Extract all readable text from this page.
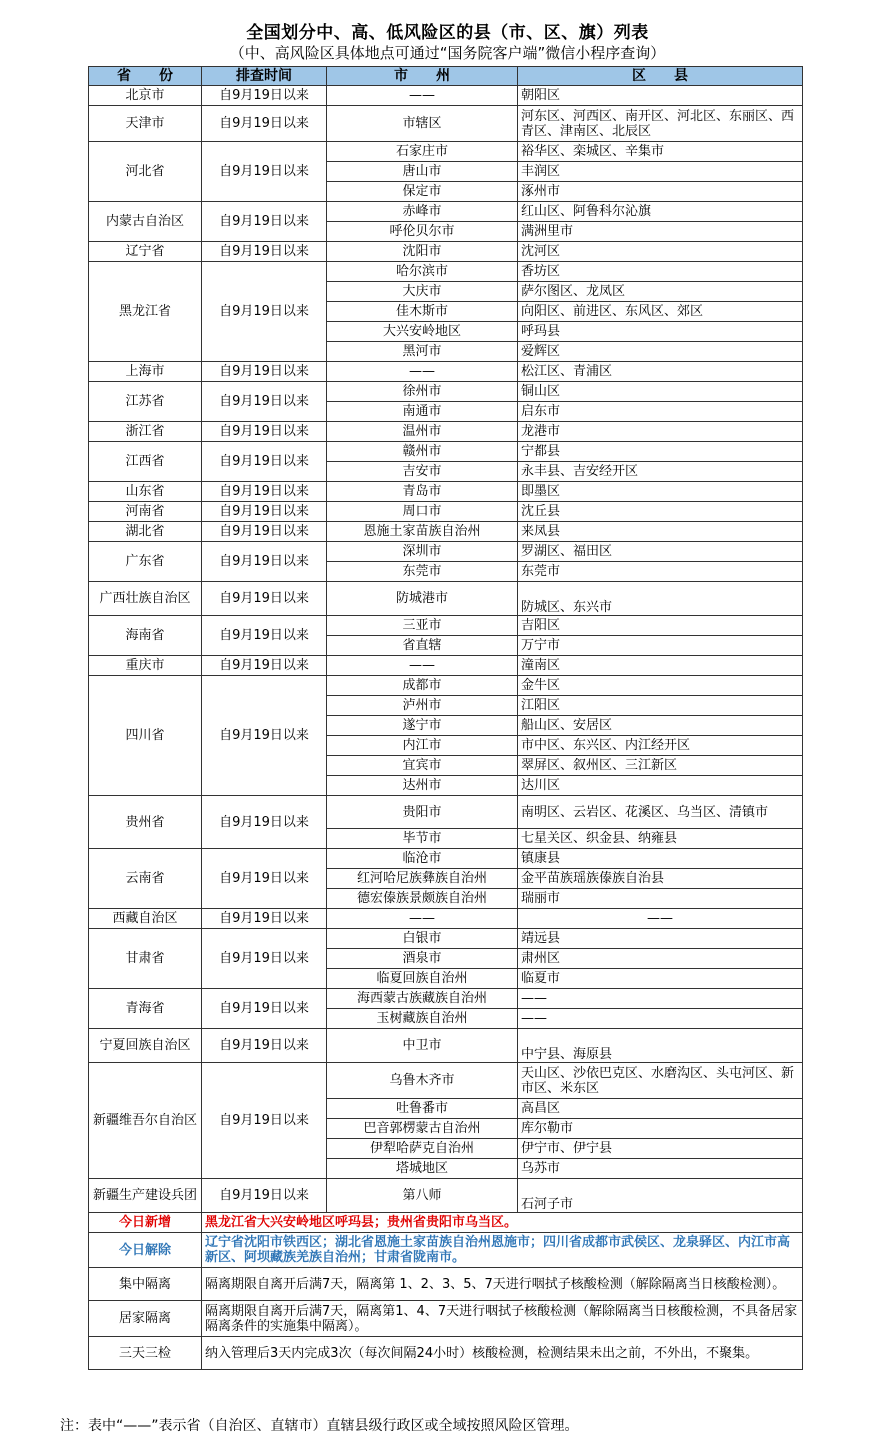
全国划分中、高、低风险区的县（市、区、旗）列表
（中、高风险区具体地点可通过“国务院客户端”微信小程序查询）
省　　份	排查时间	市　　州	区　　县
北京市	自9月19日以来	——	朝阳区
天津市	自9月19日以来	市辖区	河东区、河西区、南开区、河北区、东丽区、西青区、津南区、北辰区
河北省	自9月19日以来	石家庄市	裕华区、栾城区、辛集市
		唐山市	丰润区
		保定市	涿州市
内蒙古自治区	自9月19日以来	赤峰市	红山区、阿鲁科尔沁旗
		呼伦贝尔市	满洲里市
辽宁省	自9月19日以来	沈阳市	沈河区
黑龙江省	自9月19日以来	哈尔滨市	香坊区
		大庆市	萨尔图区、龙凤区
		佳木斯市	向阳区、前进区、东风区、郊区
		大兴安岭地区	呼玛县
		黑河市	爱辉区
上海市	自9月19日以来	——	松江区、青浦区
江苏省	自9月19日以来	徐州市	铜山区
		南通市	启东市
浙江省	自9月19日以来	温州市	龙港市
江西省	自9月19日以来	赣州市	宁都县
		吉安市	永丰县、吉安经开区
山东省	自9月19日以来	青岛市	即墨区
河南省	自9月19日以来	周口市	沈丘县
湖北省	自9月19日以来	恩施土家苗族自治州	来凤县
广东省	自9月19日以来	深圳市	罗湖区、福田区
		东莞市	东莞市
广西壮族自治区	自9月19日以来	防城港市	防城区、东兴市
海南省	自9月19日以来	三亚市	吉阳区
		省直辖	万宁市
重庆市	自9月19日以来	——	潼南区
四川省	自9月19日以来	成都市	金牛区
		泸州市	江阳区
		遂宁市	船山区、安居区
		内江市	市中区、东兴区、内江经开区
		宜宾市	翠屏区、叙州区、三江新区
		达州市	达川区
贵州省	自9月19日以来	贵阳市	南明区、云岩区、花溪区、乌当区、清镇市
		毕节市	七星关区、织金县、纳雍县
云南省	自9月19日以来	临沧市	镇康县
		红河哈尼族彝族自治州	金平苗族瑶族傣族自治县
		德宏傣族景颇族自治州	瑞丽市
西藏自治区	自9月19日以来	——	——
甘肃省	自9月19日以来	白银市	靖远县
		酒泉市	肃州区
		临夏回族自治州	临夏市
青海省	自9月19日以来	海西蒙古族藏族自治州	——
		玉树藏族自治州	——
宁夏回族自治区	自9月19日以来	中卫市	中宁县、海原县
新疆维吾尔自治区	自9月19日以来	乌鲁木齐市	天山区、沙依巴克区、水磨沟区、头屯河区、新市区、米东区
		吐鲁番市	高昌区
		巴音郭楞蒙古自治州	库尔勒市
		伊犁哈萨克自治州	伊宁市、伊宁县
		塔城地区	乌苏市
新疆生产建设兵团	自9月19日以来	第八师	石河子市
今日新增	黑龙江省大兴安岭地区呼玛县；贵州省贵阳市乌当区。		
今日解除	辽宁省沈阳市铁西区；湖北省恩施土家苗族自治州恩施市；四川省成都市武侯区、龙泉驿区、内江市高新区、阿坝藏族羌族自治州；甘肃省陇南市。		
集中隔离	隔离期限自离开后满7天，隔离第 1、2、3、5、7天进行咽拭子核酸检测（解除隔离当日核酸检测）。		
居家隔离	隔离期限自离开后满7天，隔离第1、4、7天进行咽拭子核酸检测（解除隔离当日核酸检测，不具备居家隔离条件的实施集中隔离）。		
三天三检	纳入管理后3天内完成3次（每次间隔24小时）核酸检测，检测结果未出之前，不外出，不聚集。		
注：表中“——”表示省（自治区、直辖市）直辖县级行政区或全域按照风险区管理。
